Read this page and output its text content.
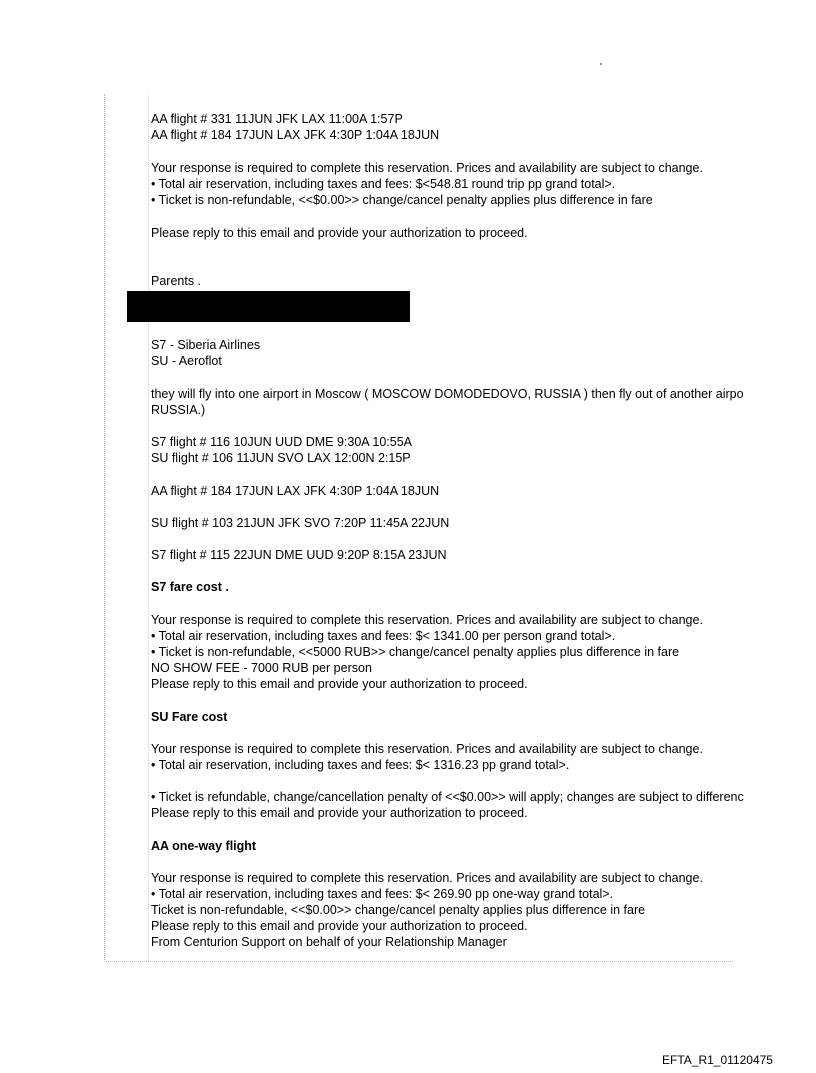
'
AA flight # 331 11JUN JFK LAX 11:00A 1:57P
AA flight # 184 17JUN LAX JFK 4:30P 1:04A 18JUN
Your response is required to complete this reservation. Prices and availability are subject to change.
• Total air reservation, including taxes and fees: $<548.81 round trip pp grand total>.
• Ticket is non-refundable, <<$0.00>> change/cancel penalty applies plus difference in fare
Please reply to this email and provide your authorization to proceed.
Parents .
S7 - Siberia Airlines
SU - Aeroflot
they will fly into one airport in Moscow ( MOSCOW DOMODEDOVO, RUSSIA ) then fly out of another airpo
RUSSIA.)
S7 flight # 116 10JUN UUD DME 9:30A 10:55A
SU flight # 106 11JUN SVO LAX 12:00N 2:15P
AA flight # 184 17JUN LAX JFK 4:30P 1:04A 18JUN
SU flight # 103 21JUN JFK SVO 7:20P 11:45A 22JUN
S7 flight # 115 22JUN DME UUD 9:20P 8:15A 23JUN
S7 fare cost .
Your response is required to complete this reservation. Prices and availability are subject to change.
• Total air reservation, including taxes and fees: $< 1341.00 per person grand total>.
• Ticket is non-refundable, <<5000 RUB>> change/cancel penalty applies plus difference in fare
NO SHOW FEE - 7000 RUB per person
Please reply to this email and provide your authorization to proceed.
SU Fare cost
Your response is required to complete this reservation. Prices and availability are subject to change.
• Total air reservation, including taxes and fees: $< 1316.23 pp grand total>.
• Ticket is refundable, change/cancellation penalty of <<$0.00>> will apply; changes are subject to differenc
Please reply to this email and provide your authorization to proceed.
AA one-way flight
Your response is required to complete this reservation. Prices and availability are subject to change.
• Total air reservation, including taxes and fees: $< 269.90 pp one-way grand total>.
Ticket is non-refundable, <<$0.00>> change/cancel penalty applies plus difference in fare
Please reply to this email and provide your authorization to proceed.
From Centurion Support on behalf of your Relationship Manager
EFTA_R1_01120475
